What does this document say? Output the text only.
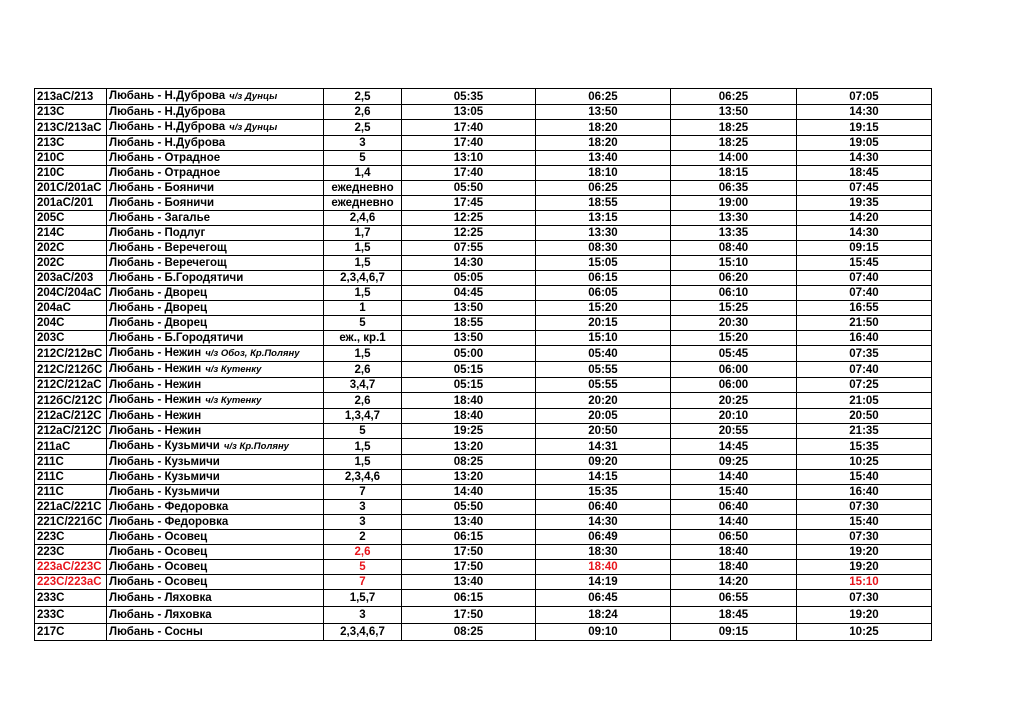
213аС/213	Любань - Н.Дуброва ч/з Дунцы	2,5	05:35	06:25	06:25	07:05
213С	Любань - Н.Дуброва	2,6	13:05	13:50	13:50	14:30
213С/213аС	Любань - Н.Дуброва ч/з Дунцы	2,5	17:40	18:20	18:25	19:15
213С	Любань - Н.Дуброва	3	17:40	18:20	18:25	19:05
210С	Любань - Отрадное	5	13:10	13:40	14:00	14:30
210С	Любань - Отрадное	1,4	17:40	18:10	18:15	18:45
201С/201аС	Любань - Бояничи	ежедневно	05:50	06:25	06:35	07:45
201аС/201	Любань - Бояничи	ежедневно	17:45	18:55	19:00	19:35
205С	Любань - Загалье	2,4,6	12:25	13:15	13:30	14:20
214С	Любань - Подлуг	1,7	12:25	13:30	13:35	14:30
202С	Любань - Веречегощ	1,5	07:55	08:30	08:40	09:15
202С	Любань - Веречегощ	1,5	14:30	15:05	15:10	15:45
203аС/203	Любань - Б.Городятичи	2,3,4,6,7	05:05	06:15	06:20	07:40
204С/204аС	Любань - Дворец	1,5	04:45	06:05	06:10	07:40
204аС	Любань - Дворец	1	13:50	15:20	15:25	16:55
204С	Любань - Дворец	5	18:55	20:15	20:30	21:50
203С	Любань - Б.Городятичи	еж., кр.1	13:50	15:10	15:20	16:40
212С/212вС	Любань - Нежин ч/з Обоз, Кр.Поляну	1,5	05:00	05:40	05:45	07:35
212С/212бС	Любань - Нежин ч/з Кутенку	2,6	05:15	05:55	06:00	07:40
212С/212аС	Любань - Нежин	3,4,7	05:15	05:55	06:00	07:25
212бС/212С	Любань - Нежин ч/з Кутенку	2,6	18:40	20:20	20:25	21:05
212аС/212С	Любань - Нежин	1,3,4,7	18:40	20:05	20:10	20:50
212аС/212С	Любань - Нежин	5	19:25	20:50	20:55	21:35
211аС	Любань - Кузьмичи ч/з Кр.Поляну	1,5	13:20	14:31	14:45	15:35
211С	Любань - Кузьмичи	1,5	08:25	09:20	09:25	10:25
211С	Любань - Кузьмичи	2,3,4,6	13:20	14:15	14:40	15:40
211С	Любань - Кузьмичи	7	14:40	15:35	15:40	16:40
221аС/221С	Любань - Федоровка	3	05:50	06:40	06:40	07:30
221С/221бС	Любань - Федоровка	3	13:40	14:30	14:40	15:40
223С	Любань - Осовец	2	06:15	06:49	06:50	07:30
223С	Любань - Осовец	2,6	17:50	18:30	18:40	19:20
223аС/223С	Любань - Осовец	5	17:50	18:40	18:40	19:20
223С/223аС	Любань - Осовец	7	13:40	14:19	14:20	15:10
233С	Любань - Ляховка	1,5,7	06:15	06:45	06:55	07:30
233С	Любань - Ляховка	3	17:50	18:24	18:45	19:20
217С	Любань - Сосны	2,3,4,6,7	08:25	09:10	09:15	10:25
